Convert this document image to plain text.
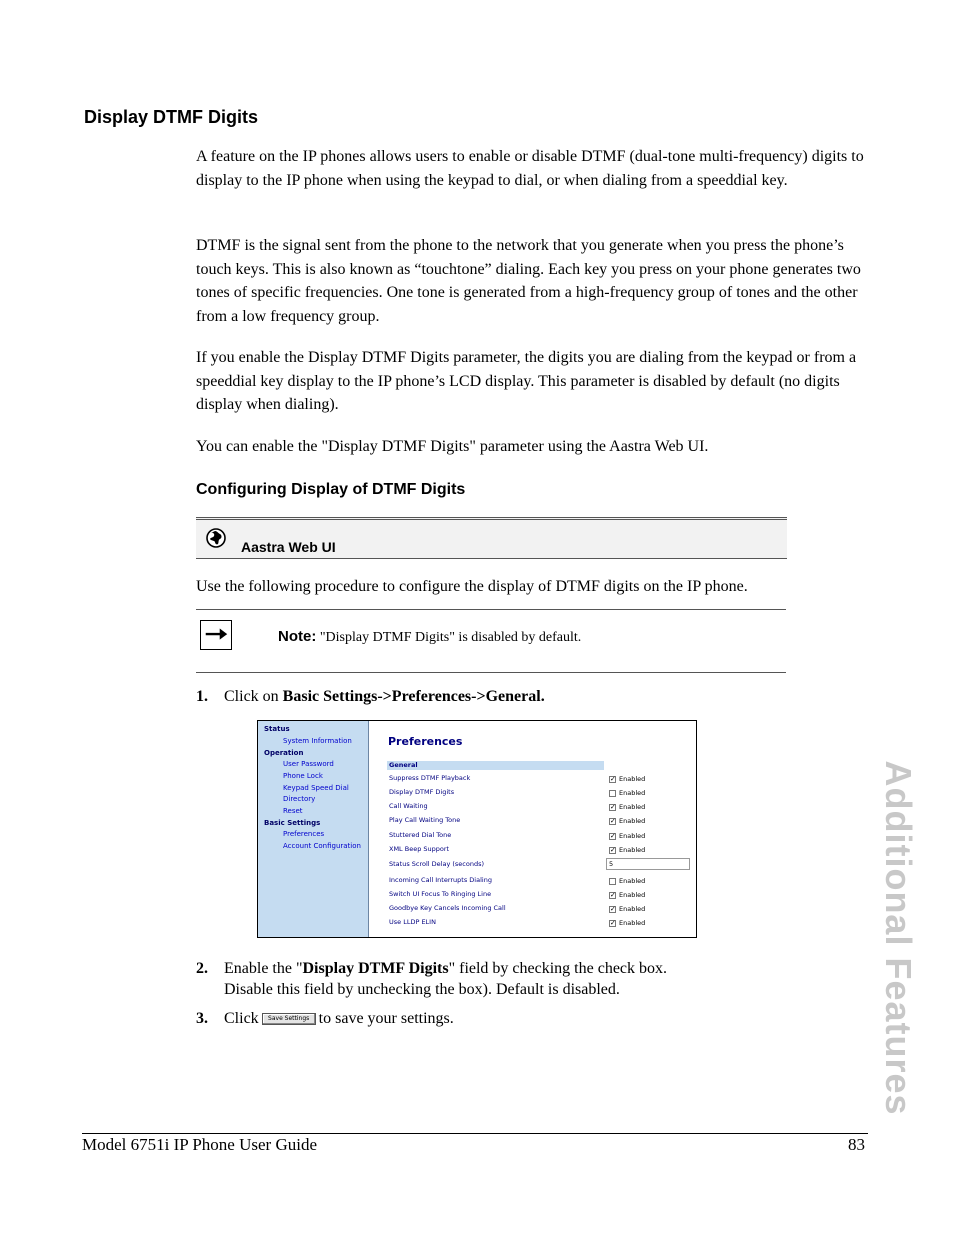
Display DTMF Digits
A feature on the IP phones allows users to enable or disable DTMF (dual-tone multi-frequency) digits to display to the IP phone when using the keypad to dial, or when dialing from a speeddial key.
DTMF is the signal sent from the phone to the network that you generate when you press the phone’s touch keys. This is also known as “touchtone” dialing. Each key you press on your phone generates two tones of specific frequencies. One tone is generated from a high-frequency group of tones and the other from a low frequency group.
If you enable the Display DTMF Digits parameter, the digits you are dialing from the keypad or from a speeddial key display to the IP phone’s LCD display. This parameter is disabled by default (no digits display when dialing).
You can enable the "Display DTMF Digits" parameter using the Aastra Web UI.
Configuring Display of DTMF Digits
Aastra Web UI
Use the following procedure to configure the display of DTMF digits on the IP phone.
Note: "Display DTMF Digits" is disabled by default.
1. Click on Basic Settings->Preferences->General.
Status
System Information
Operation
User Password
Phone Lock
Keypad Speed Dial
Directory
Reset
Basic Settings
Preferences
Account Configuration
Preferences
General
Suppress DTMF Playback	✓ Enabled
Display DTMF Digits	Enabled
Call Waiting	✓ Enabled
Play Call Waiting Tone	✓ Enabled
Stuttered Dial Tone	✓ Enabled
XML Beep Support	✓ Enabled
Status Scroll Delay (seconds)	5
Incoming Call Interrupts Dialing	Enabled
Switch UI Focus To Ringing Line	✓ Enabled
Goodbye Key Cancels Incoming Call	✓ Enabled
Use LLDP ELIN	✓ Enabled
2. Enable the "Display DTMF Digits" field by checking the check box.
Disable this field by unchecking the box). Default is disabled.
3. Click Save Settings to save your settings.	Additional Features
Model 6751i IP Phone User Guide	83
